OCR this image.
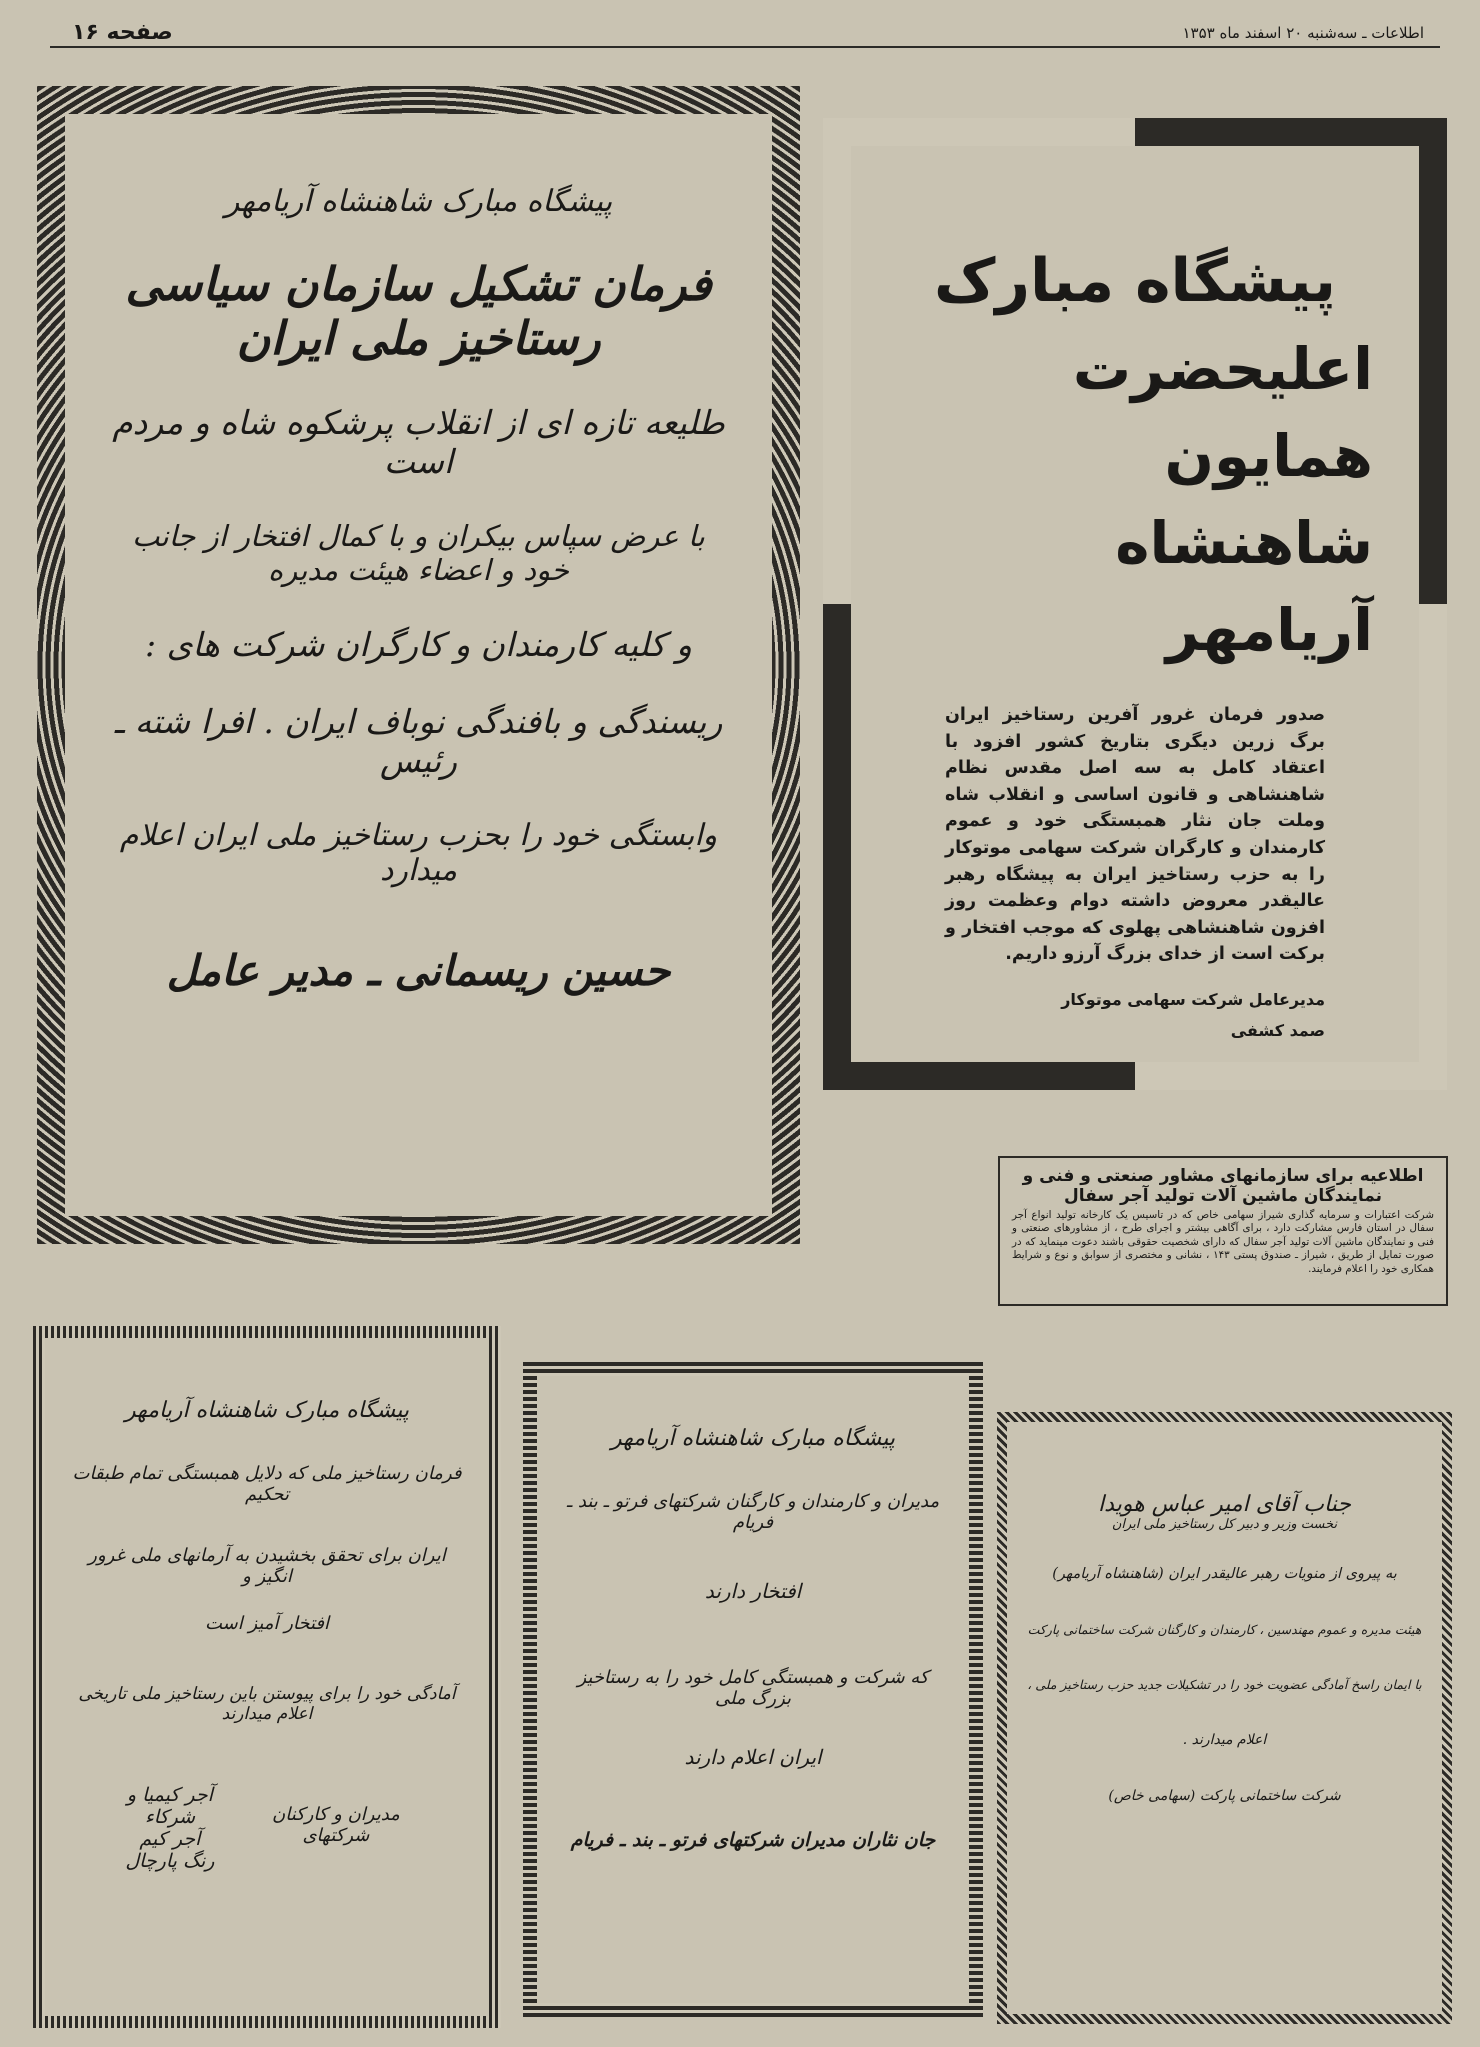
صفحه ۱۶	اطلاعات ـ سه‌شنبه ۲۰ اسفند ماه ۱۳۵۳
پیشگاه مبارک شاهنشاه آریامهر
فرمان تشکیل سازمان سیاسی رستاخیز ملی ایران
طلیعه تازه ای از انقلاب پرشکوه شاه و مردم است
با عرض سپاس بیکران و با کمال افتخار از جانب خود و اعضاء هیئت مدیره
و کلیه کارمندان و کارگران شرکت های :
ریسندگی و بافندگی نوباف ایران . افرا شته ـ رئیس
وابستگی خود را بحزب رستاخیز ملی ایران اعلام میدارد
حسین ریسمانی ـ مدیر عامل
پیشگاه مبارک
اعلیحضرت همایون
شاهنشاه آریامهر
صدور فرمان غرور آفرین رستاخیز ایران برگ زرین دیگری بتاریخ کشور افزود با اعتقاد کامل به سه اصل مقدس نظام شاهنشاهی و قانون اساسی و انقلاب شاه وملت جان نثار همبستگی خود و عموم کارمندان و کارگران شرکت سهامی موتوکار را به حزب رستاخیز ایران به پیشگاه رهبر عالیقدر معروض داشته دوام وعظمت روز افزون شاهنشاهی پهلوی که موجب افتخار و برکت است از خدای بزرگ آرزو داریم.
مدیرعامل شرکت سهامی موتوکار
صمد کشفی
اطلاعیه برای سازمانهای مشاور صنعتی و فنی و
نمایندگان ماشین آلات تولید آجر سفال
شرکت اعتبارات و سرمایه گذاری شیراز سهامی خاص که در تاسیس یک کارخانه تولید انواع آجر سفال در استان فارس مشارکت دارد ، برای آگاهی بیشتر و اجرای طرح ، از مشاورهای صنعتی و فنی و نمایندگان ماشین آلات تولید آجر سفال که دارای شخصیت حقوقی باشند دعوت مینماید که در صورت تمایل از طریق ، شیراز ـ صندوق پستی ۱۴۳ ، نشانی و مختصری از سوابق و نوع و شرایط همکاری خود را اعلام فرمایند.
پیشگاه مبارک شاهنشاه آریامهر
فرمان رستاخیز ملی که دلایل همبستگی تمام طبقات تحکیم
ایران برای تحقق بخشیدن به آرمانهای ملی غرور انگیز و
افتخار آمیز است
آمادگی خود را برای پیوستن باین رستاخیز ملی تاریخی اعلام میدارند
آجر کیمیا و شرکاء
آجر کیم
رنگ پارچال
مدیران و کارکنان شرکتهای
پیشگاه مبارک شاهنشاه آریامهر
مدیران و کارمندان و کارگنان شرکتهای فرتو ـ بند ـ فریام
افتخار دارند
که شرکت و همبستگی کامل خود را به رستاخیز بزرگ ملی
ایران اعلام دارند
جان نثاران مدیران شرکتهای فرتو ـ بند ـ فریام
جناب آقای امیر عباس هویدا
نخست وزیر و دبیر کل رستاخیز ملی ایران
به پیروی از منویات رهبر عالیقدر ایران (شاهنشاه آریامهر)
هیئت مدیره و عموم مهندسین ، کارمندان و کارگنان شرکت ساختمانی پارکت
با ایمان راسخ آمادگی عضویت خود را در تشکیلات جدید حزب رستاخیز ملی ،
اعلام میدارند .
شرکت ساختمانی پارکت (سهامی خاص)
